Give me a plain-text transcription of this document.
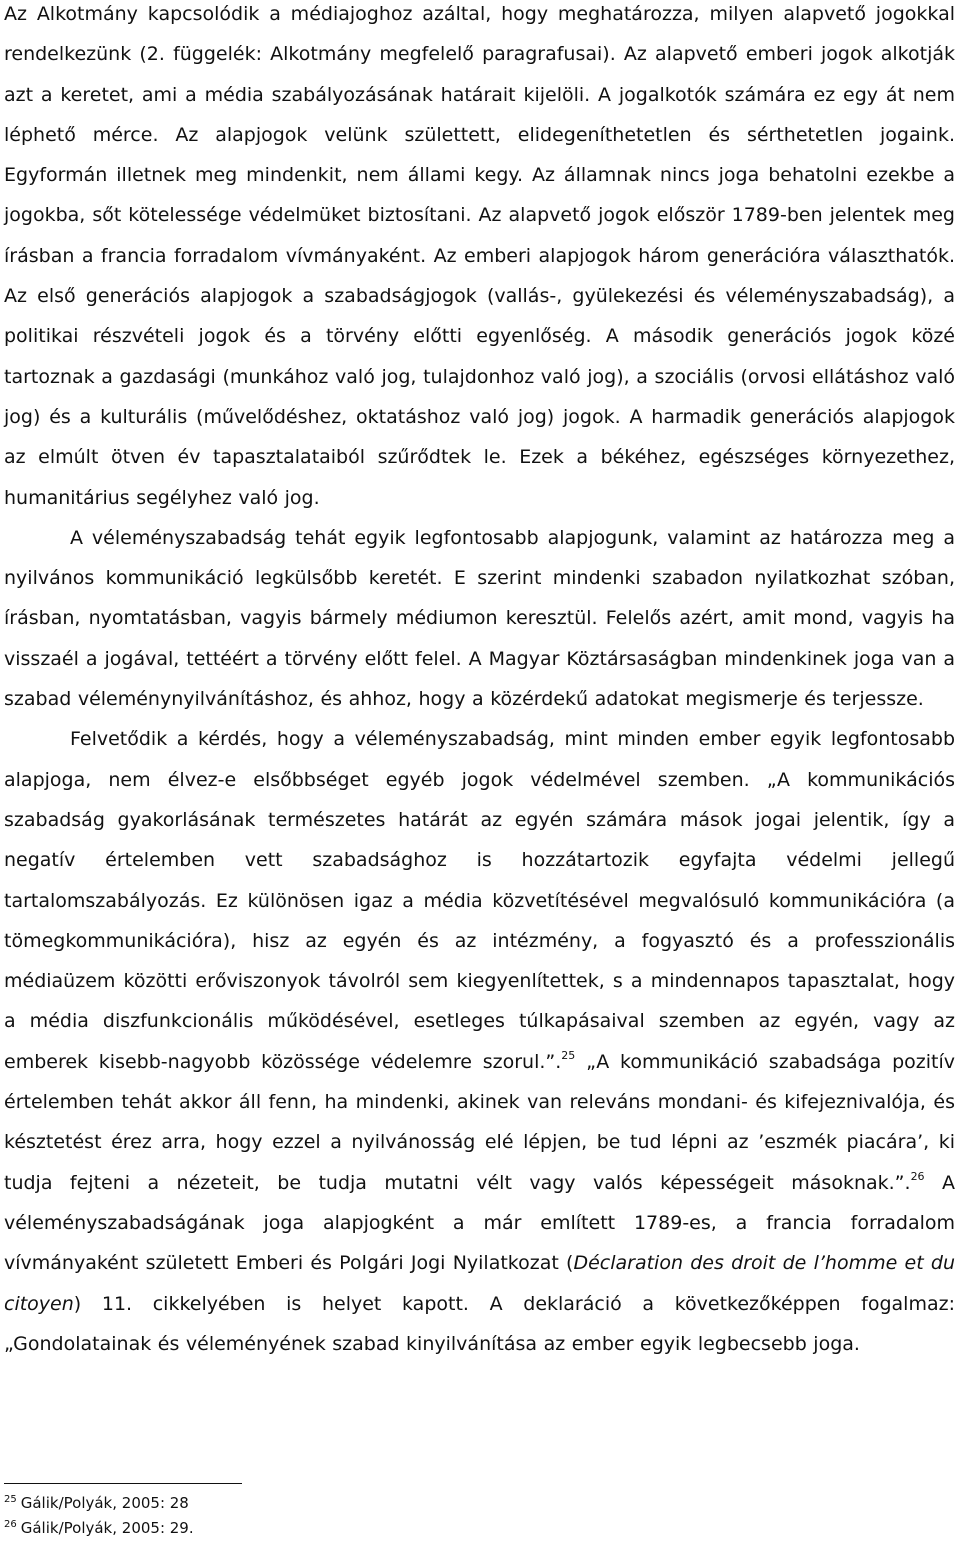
Az Alkotmány kapcsolódik a médiajoghoz azáltal, hogy meghatározza, milyen alapvető jogokkal rendelkezünk (2. függelék: Alkotmány megfelelő paragrafusai). Az alapvető emberi jogok alkotják azt a keretet, ami a média szabályozásának határait kijelöli. A jogalkotók számára ez egy át nem léphető mérce. Az alapjogok velünk születtett, elidegeníthetetlen és sérthetetlen jogaink. Egyformán illetnek meg mindenkit, nem állami kegy. Az államnak nincs joga behatolni ezekbe a jogokba, sőt kötelessége védelmüket biztosítani. Az alapvető jogok először 1789-ben jelentek meg írásban a francia forradalom vívmányaként. Az emberi alapjogok három generációra választhatók. Az első generációs alapjogok a szabadságjogok (vallás-, gyülekezési és véleményszabadság), a politikai részvételi jogok és a törvény előtti egyenlőség. A második generációs jogok közé tartoznak a gazdasági (munkához való jog, tulajdonhoz való jog), a szociális (orvosi ellátáshoz való jog) és a kulturális (művelődéshez, oktatáshoz való jog) jogok. A harmadik generációs alapjogok az elmúlt ötven év tapasztalataiból szűrődtek le. Ezek a békéhez, egészséges környezethez, humanitárius segélyhez való jog.

A véleményszabadság tehát egyik legfontosabb alapjogunk, valamint az határozza meg a nyilvános kommunikáció legkülsőbb keretét. E szerint mindenki szabadon nyilatkozhat szóban, írásban, nyomtatásban, vagyis bármely médiumon keresztül. Felelős azért, amit mond, vagyis ha visszaél a jogával, tettéért a törvény előtt felel. A Magyar Köztársaságban mindenkinek joga van a szabad véleménynyilvánításhoz, és ahhoz, hogy a közérdekű adatokat megismerje és terjessze.

Felvetődik a kérdés, hogy a véleményszabadság, mint minden ember egyik legfontosabb alapjoga, nem élvez-e elsőbbséget egyéb jogok védelmével szemben. „A kommunikációs szabadság gyakorlásának természetes határát az egyén számára mások jogai jelentik, így a negatív értelemben vett szabadsághoz is hozzátartozik egyfajta védelmi jellegű tartalomszabályozás. Ez különösen igaz a média közvetítésével megvalósuló kommunikációra (a tömegkommunikációra), hisz az egyén és az intézmény, a fogyasztó és a professzionális médiaüzem közötti erőviszonyok távolról sem kiegyenlítettek, s a mindennapos tapasztalat, hogy a média diszfunkcionális működésével, esetleges túlkapásaival szemben az egyén, vagy az emberek kisebb-nagyobb közössége védelemre szorul.”.$^{25}$ „A kommunikáció szabadsága pozitív értelemben tehát akkor áll fenn, ha mindenki, akinek van releváns mondani- és kifejeznivalója, és késztetést érez arra, hogy ezzel a nyilvánosság elé lépjen, be tud lépni az ’eszmék piacára’, ki tudja fejteni a nézeteit, be tudja mutatni vélt vagy valós képességeit másoknak.”.$^{26}$ A véleményszabadságának joga alapjogként a már említett 1789-es, a francia forradalom vívmányaként született Emberi és Polgári Jogi Nyilatkozat (Déclaration des droit de l’homme et du citoyen) 11. cikkelyében is helyet kapott. A deklaráció a következőképpen fogalmaz: „Gondolatainak és véleményének szabad kinyilvánítása az ember egyik legbecsebb joga.

$^{25}$ Gálik/Polyák, 2005: 28

$^{26}$ Gálik/Polyák, 2005: 29.
